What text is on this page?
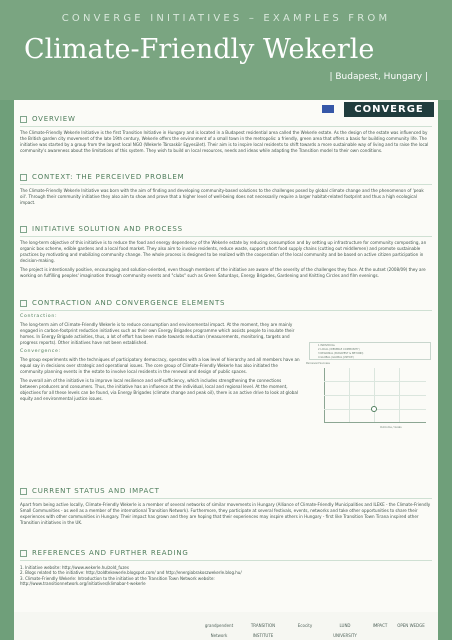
CONVERGE INITIATIVES – EXAMPLES FROM
Climate-Friendly Wekerle
| Budapest, Hungary |
CONVERGE
OVERVIEW

The Climate-Friendly Wekerle Initiative is the first Transition Initiative in Hungary and is located in a Budapest residential area called the Wekerle estate. As the design of the estate was influenced by the British garden city movement of the late 19th century, Wekerle offers the environment of a small town in the metropolis: a friendly, green area that offers a basis for building community life. The initiative was started by a group from the largest local NGO (Wekerle Társaskör Egyesület). Their aim is to inspire local residents to shift towards a more sustainable way of living and to raise the local community's awareness about the limitations of this system. They wish to build on local resources, needs and ideas while adapting the Transition model to their own conditions.

CONTEXT: THE PERCEIVED PROBLEM

The Climate-Friendly Wekerle Initiative was born with the aim of finding and developing community-based solutions to the challenges posed by global climate change and the phenomenon of 'peak oil'. Through their community initiative they also aim to show and prove that a higher level of well-being does not necessarily require a larger habitat-related footprint and thus a high ecological impact.

INITIATIVE SOLUTION AND PROCESS

The long-term objective of this initiative is to reduce the food and energy dependency of the Wekerle estate by reducing consumption and by setting up infrastructure for community composting, an organic box scheme, edible gardens and a local food market. They also aim to involve residents, reduce waste, support short food supply chains (cutting out middlemen) and promote sustainable practices by motivating and mobilizing community change. The whole process is designed to be realized with the cooperation of the local community and be based on active citizen participation in decision-making.

The project is intentionally positive, encouraging and solution-oriented, even though members of the initiative are aware of the severity of the challenges they face. At the outset (2008/09) they are working on fulfilling peoples' imagination through community events and "clubs" such as Green Saturdays, Energy Brigades, Gardening and Knitting Circles and film evenings.

CONTRACTION AND CONVERGENCE ELEMENTS
Contraction:

The long-term aim of Climate-Friendly Wekerle is to reduce consumption and environmental impact. At the moment, they are mainly engaged in carbon-footprint reduction initiatives such as their own Energy Brigades programme which assists people to insulate their homes. In Energy Brigade activities, thus, a lot of effort has been made towards reduction (measurements, monitoring, targets and progress reports). Other initiatives have not been established.

Convergence:

The group experiments with the techniques of participatory democracy, operates with a low level of hierarchy and all members have an equal say in decisions over strategic and operational issues. The core group of Climate-Friendly Wekerle has also initiated the community planning events in the estate to involve local residents in the renewal and design of public spaces.

The overall aim of the initiative is to improve local resilience and self-sufficiency, which includes strengthening the connections between producers and consumers. Thus, the initiative has an influence at the individual, local and regional level. At the moment, objectives for all these levels can be found, via Energy Brigades (climate change and peak oil), there is an active drive to look at global equity and environmental justice issues.

1 INDIVIDUAL
2 LOCAL (WEKERLE COMMUNITY)
3 REGIONAL (BUDAPEST & BEYOND)
4 GLOBAL (GLOBAL JUSTICE)
Perceived Success
Outcome / Goals
CURRENT STATUS AND IMPACT

Apart from being active locally, Climate-Friendly Wekerle is a member of several networks of similar movements in Hungary (Alliance of Climate-Friendly Municipalities and ILEKE - the Climate-Friendly Small Communities - as well as a member of the international Transition Network). Furthermore, they participate at several festivals, events, networks and take other opportunities to share their experiences with other communities in Hungary. Their impact has grown and they are hoping that their experiences may inspire others in Hungary - first like Transition Town Tirana inspired other Transition initiatives in the UK.

REFERENCES AND FURTHER READING
1. Initiative website: http://www.wekerle.hu/zold_fuzes
2. Blogs related to the initiative: http://zoldtekewerle.blogspot.com/ and http://energiabrakoszwekerle.blog.hu/
3. Climate-Friendly Wekerle: Introduction to the initiative at the Transition Town Network website:
http://www.transitionnetwork.org/initiatives/klimabar-t-wekerle
grandpendent Network
TRANSITION INSTITUTE
Ecocity	LUND UNIVERSITY
IMPACT	OPEN WEDGE
